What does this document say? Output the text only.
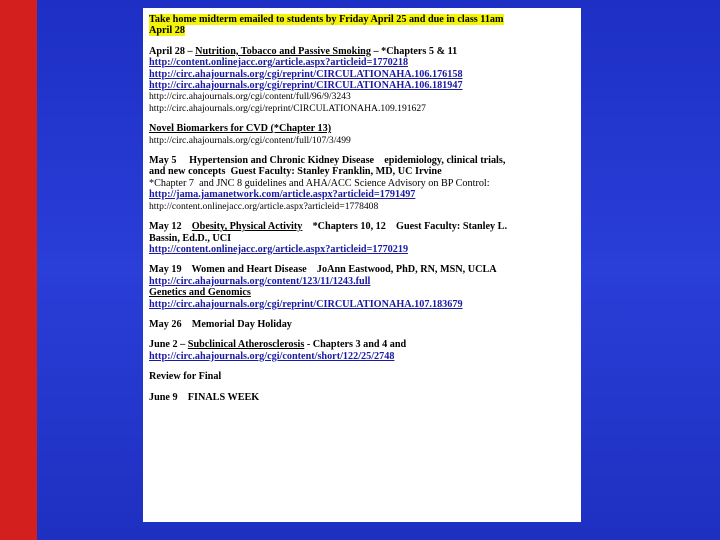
Take home midterm emailed to students by Friday April 25 and due in class 11am
April 28
April 28 – Nutrition, Tobacco and Passive Smoking – *Chapters 5 & 11
http://content.onlinejacc.org/article.aspx?articleid=1770218
http://circ.ahajournals.org/cgi/reprint/CIRCULATIONAHA.106.176158
http://circ.ahajournals.org/cgi/reprint/CIRCULATIONAHA.106.181947
http://circ.ahajournals.org/cgi/content/full/96/9/3243
http://circ.ahajournals.org/cgi/reprint/CIRCULATIONAHA.109.191627
Novel Biomarkers for CVD (*Chapter 13)
http://circ.ahajournals.org/cgi/content/full/107/3/499
May 5     Hypertension and Chronic Kidney Disease    epidemiology, clinical trials,
and new concepts  Guest Faculty: Stanley Franklin, MD, UC Irvine
*Chapter 7  and JNC 8 guidelines and AHA/ACC Science Advisory on BP Control:
http://jama.jamanetwork.com/article.aspx?articleid=1791497
http://content.onlinejacc.org/article.aspx?articleid=1778408
May 12 Obesity, Physical Activity    *Chapters 10, 12    Guest Faculty: Stanley L.
Bassin, Ed.D., UCI
http://content.onlinejacc.org/article.aspx?articleid=1770219
May 19    Women and Heart Disease    JoAnn Eastwood, PhD, RN, MSN, UCLA
http://circ.ahajournals.org/content/123/11/1243.full
Genetics and Genomics
http://circ.ahajournals.org/cgi/reprint/CIRCULATIONAHA.107.183679
May 26    Memorial Day Holiday
June 2 – Subclinical Atherosclerosis - Chapters 3 and 4 and
http://circ.ahajournals.org/cgi/content/short/122/25/2748
Review for Final
June 9    FINALS WEEK
